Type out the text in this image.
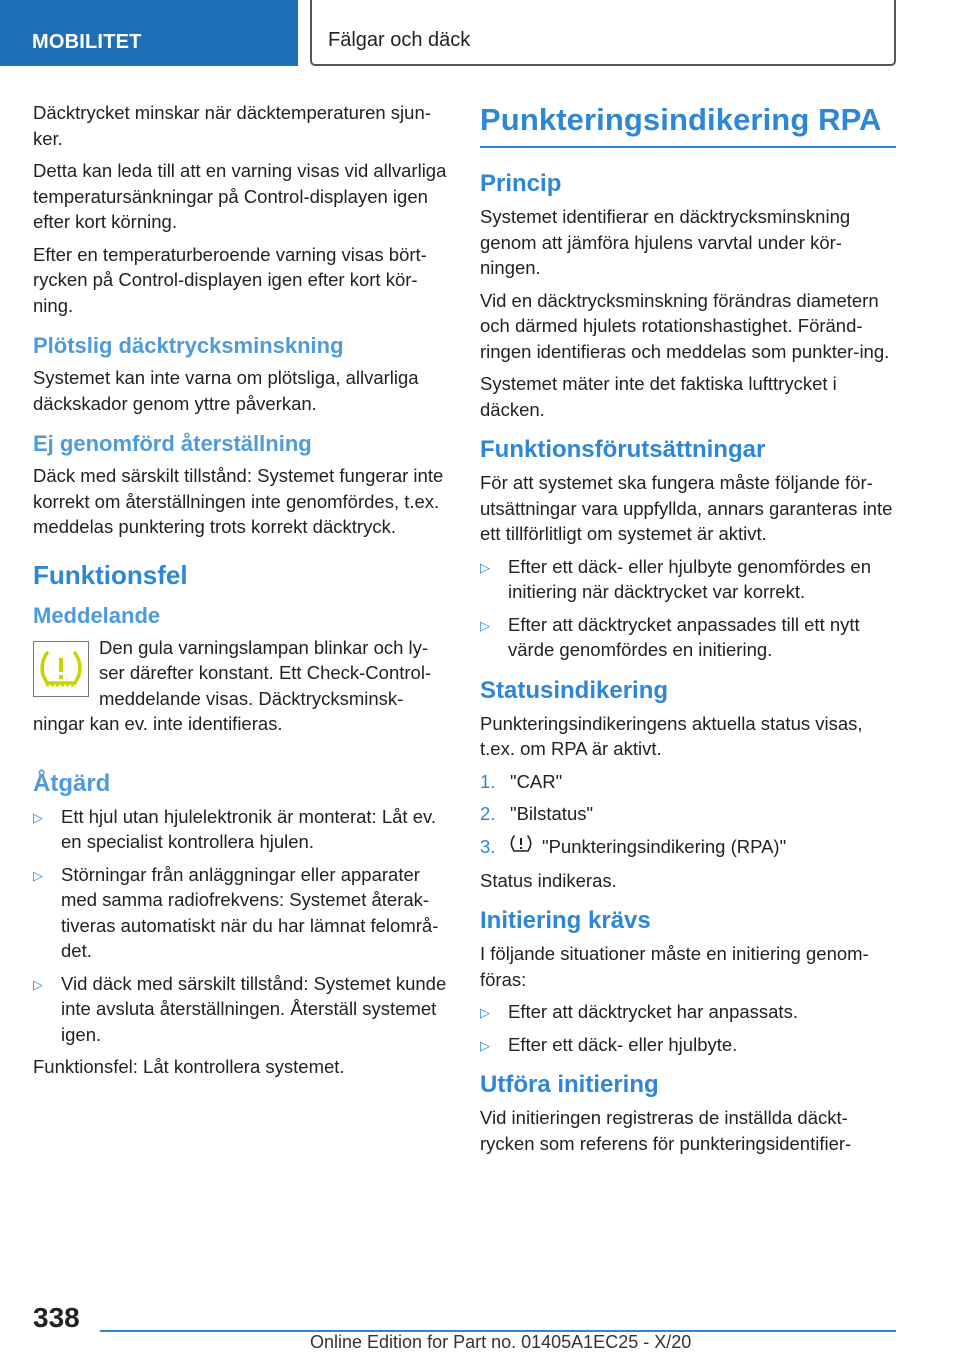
MOBILITET	Fälgar och däck

Däcktrycket minskar när däcktemperaturen sjun-ker.

Detta kan leda till att en varning visas vid allvarliga temperatursänkningar på Control-displayen igen efter kort körning.

Efter en temperaturberoende varning visas bört-rycken på Control-displayen igen efter kort kör-ning.

Plötslig däcktrycksminskning

Systemet kan inte varna om plötsliga, allvarliga däckskador genom yttre påverkan.

Ej genomförd återställning

Däck med särskilt tillstånd: Systemet fungerar inte korrekt om återställningen inte genomfördes, t.ex. meddelas punktering trots korrekt däcktryck.

Funktionsfel
Meddelande

Den gula varningslampan blinkar och ly-ser därefter konstant. Ett Check-Control-meddelande visas. Däcktrycksminsk-ningar kan ev. inte identifieras.

Åtgärd
▷ Ett hjul utan hjulelektronik är monterat: Låt ev. en specialist kontrollera hjulen.
▷ Störningar från anläggningar eller apparater med samma radiofrekvens: Systemet återak-tiveras automatiskt när du har lämnat felområ-det.
▷ Vid däck med särskilt tillstånd: Systemet kunde inte avsluta återställningen. Återställ systemet igen.

Funktionsfel: Låt kontrollera systemet.

Punkteringsindikering RPA
Princip

Systemet identifierar en däcktrycksminskning genom att jämföra hjulens varvtal under kör-ningen.

Vid en däcktrycksminskning förändras diametern och därmed hjulets rotationshastighet. Föränd-ringen identifieras och meddelas som punkter-ing.

Systemet mäter inte det faktiska lufttrycket i däcken.

Funktionsförutsättningar

För att systemet ska fungera måste följande för-utsättningar vara uppfyllda, annars garanteras inte ett tillförlitligt om systemet är aktivt.

▷ Efter ett däck- eller hjulbyte genomfördes en initiering när däcktrycket var korrekt.
▷ Efter att däcktrycket anpassades till ett nytt värde genomfördes en initiering.
Statusindikering

Punkteringsindikeringens aktuella status visas, t.ex. om RPA är aktivt.

1. "CAR"
2. "Bilstatus"
3.	"Punkteringsindikering (RPA)"

Status indikeras.

Initiering krävs

I följande situationer måste en initiering genom-föras:

▷ Efter att däcktrycket har anpassats.
▷ Efter ett däck- eller hjulbyte.
Utföra initiering

Vid initieringen registreras de inställda däckt-rycken som referens för punkteringsidentifier-

338
Online Edition for Part no. 01405A1EC25 - X/20
